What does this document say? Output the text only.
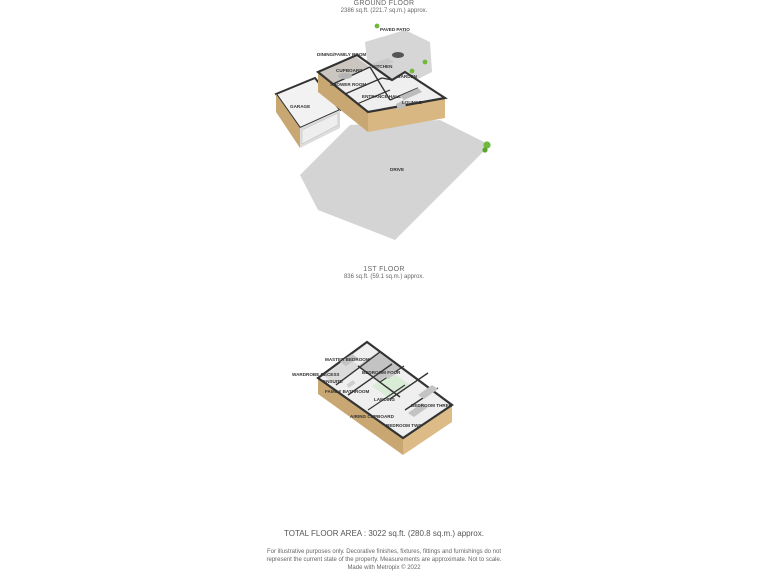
GROUND FLOOR
2386 sq.ft. (221.7 sq.m.) approx.
1ST FLOOR
836 sq.ft. (59.1 sq.m.) approx.
PAVED PATIO
DINING/FAMILY ROOM
CUPBOARD
KITCHEN
GARDEN
SHOWER ROOM
ENTRANCE HALL
LOUNGE
GARAGE
DRIVE
MASTER BEDROOM
WARDROBE RECESS	BEDROOM FOUR
ENSUITE
FAMILY BATHROOM
LANDING
BEDROOM THREE
AIRING CUPBOARD
BEDROOM TWO
TOTAL FLOOR AREA : 3022 sq.ft. (280.8 sq.m.) approx.
For illustrative purposes only. Decorative finishes, fixtures, fittings and furnishings do not
represent the current state of the property. Measurements are approximate. Not to scale.
Made with Metropix © 2022
